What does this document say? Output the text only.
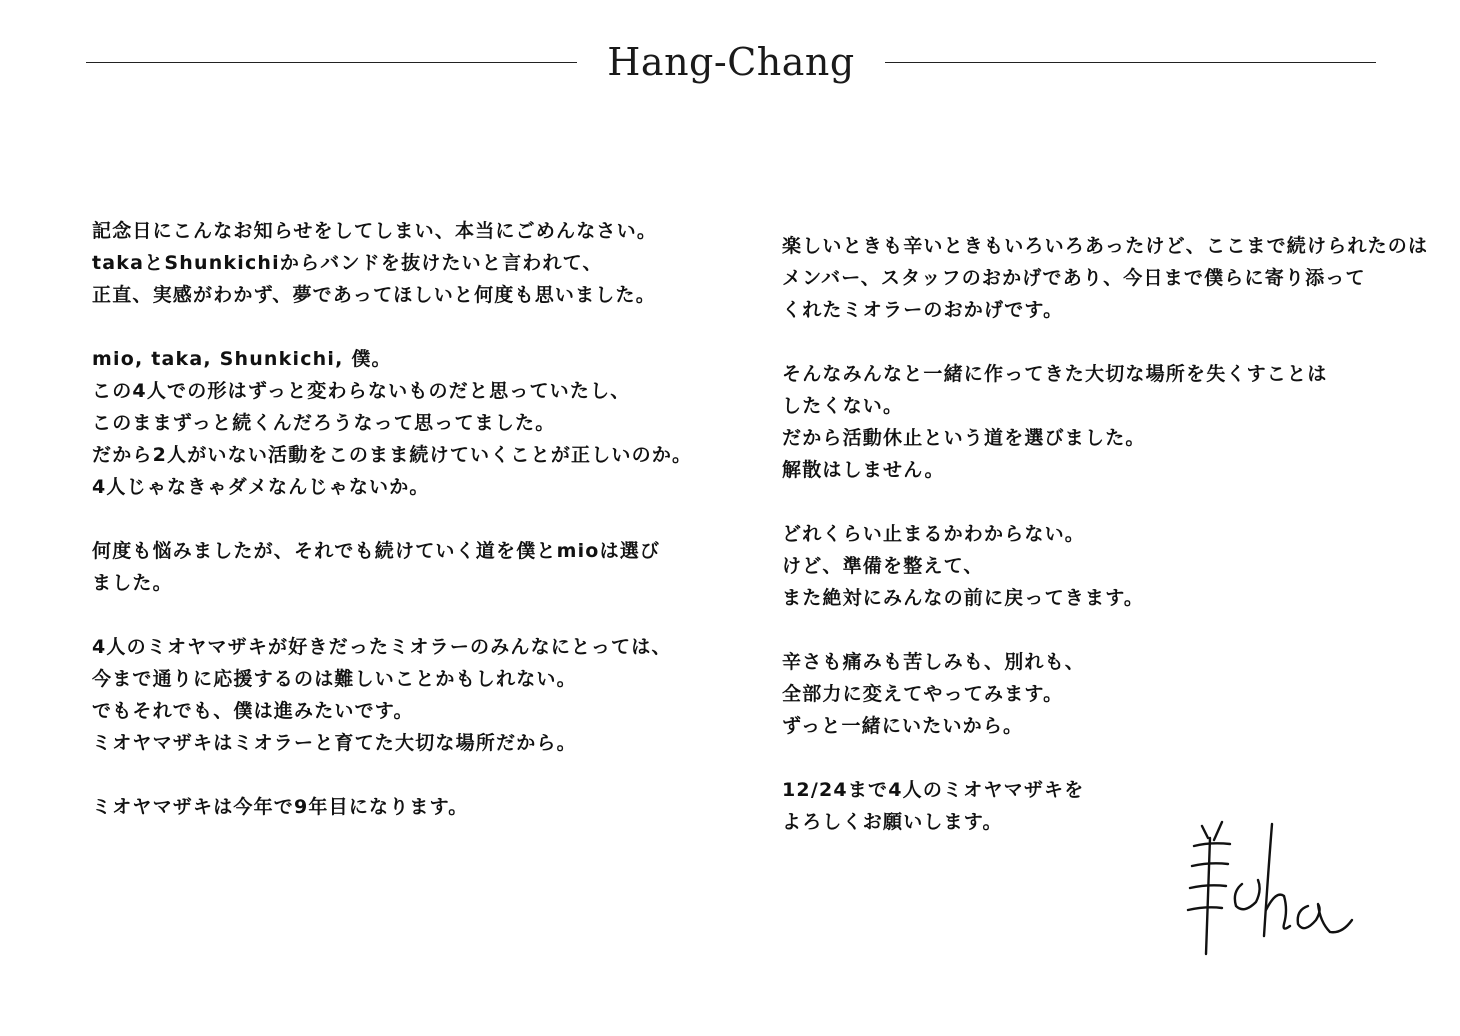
Hang-Chang
記念日にこんなお知らせをしてしまい、本当にごめんなさい。
takaとShunkichiからバンドを抜けたいと言われて、
正直、実感がわかず、夢であってほしいと何度も思いました。
mio, taka, Shunkichi, 僕。
この4人での形はずっと変わらないものだと思っていたし、
このままずっと続くんだろうなって思ってました。
だから2人がいない活動をこのまま続けていくことが正しいのか。
4人じゃなきゃダメなんじゃないか。
何度も悩みましたが、それでも続けていく道を僕とmioは選び
ました。
4人のミオヤマザキが好きだったミオラーのみんなにとっては、
今まで通りに応援するのは難しいことかもしれない。
でもそれでも、僕は進みたいです。
ミオヤマザキはミオラーと育てた大切な場所だから。
ミオヤマザキは今年で9年目になります。
楽しいときも辛いときもいろいろあったけど、ここまで続けられたのは
メンバー、スタッフのおかげであり、今日まで僕らに寄り添って
くれたミオラーのおかげです。
そんなみんなと一緒に作ってきた大切な場所を失くすことは
したくない。
だから活動休止という道を選びました。
解散はしません。
どれくらい止まるかわからない。
けど、準備を整えて、
また絶対にみんなの前に戻ってきます。
辛さも痛みも苦しみも、別れも、
全部力に変えてやってみます。
ずっと一緒にいたいから。
12/24まで4人のミオヤマザキを
よろしくお願いします。	Hang
